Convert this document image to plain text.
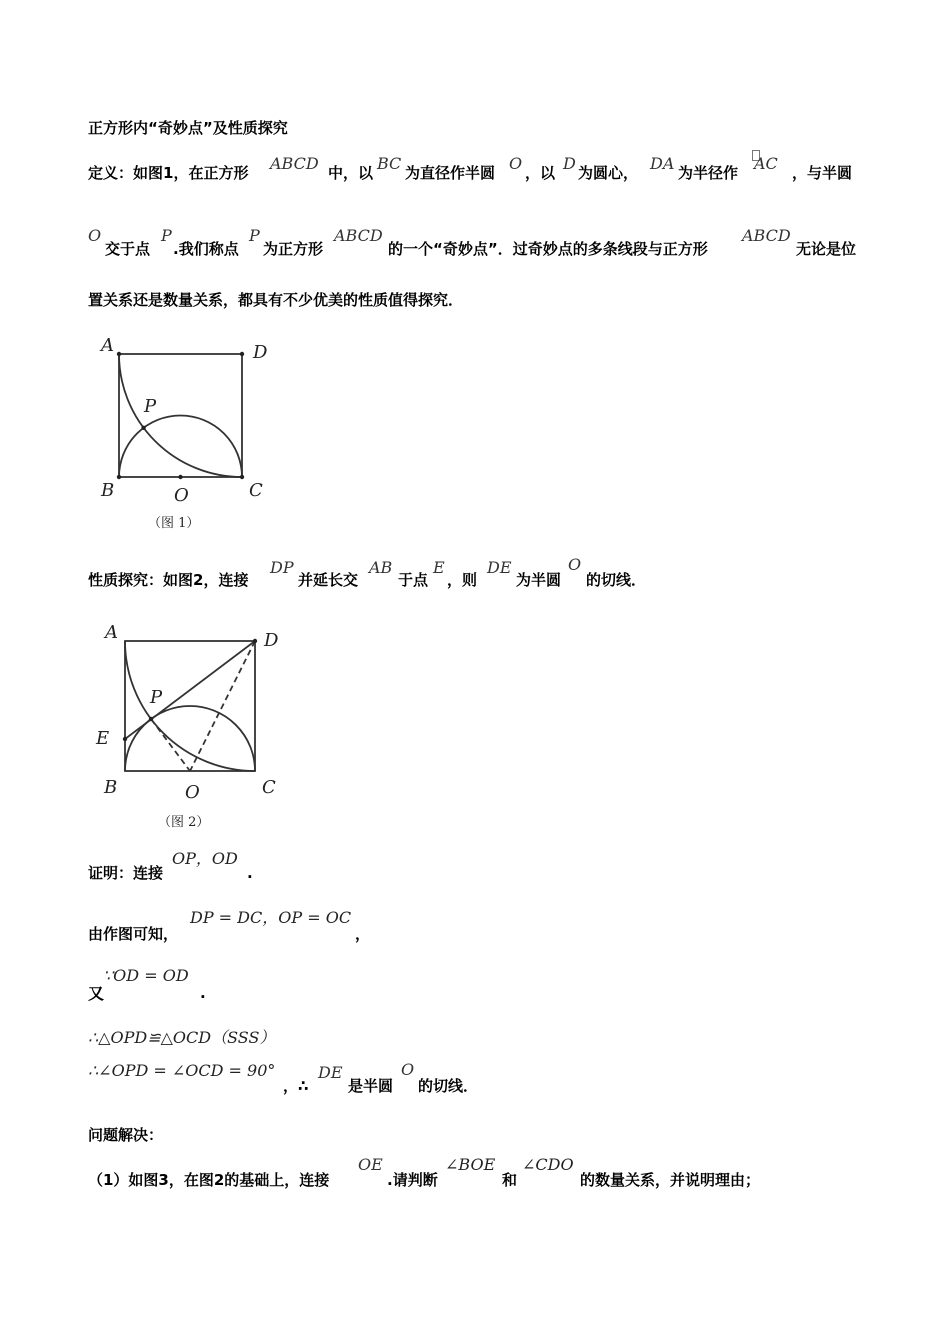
正方形内“奇妙点”及性质探究
定义：如图1，在正方形 ABCD 中，以 BC 为直径作半圆 O ，以 D 为圆心， DA 为半径作 AC ，与半圆
O
交于点
P
.我们称点
P
为正方形
ABCD
的一个“奇妙点”．过奇妙点的多条线段与正方形
ABCD
无论是位
置关系还是数量关系，都具有不少优美的性质值得探究．
A	D
B	C
P
O
（图 1）
性质探究：如图2，连接
DP
并延长交
AB
于点
E
，则
DE
为半圆
O
的切线．
A	D
E
P
B	C
O
（图 2）
证明：连接
OP，OD
.
由作图可知，
DP = DC，OP = OC
，
又
∵OD = OD
.
∴△OPD≌△OCD（SSS）
∴∠OPD = ∠OCD = 90°
，∴
DE
是半圆
O
的切线．
问题解决：
（1）如图3，在图2的基础上，连接
OE
.请判断
∠BOE
和
∠CDO
的数量关系，并说明理由；
